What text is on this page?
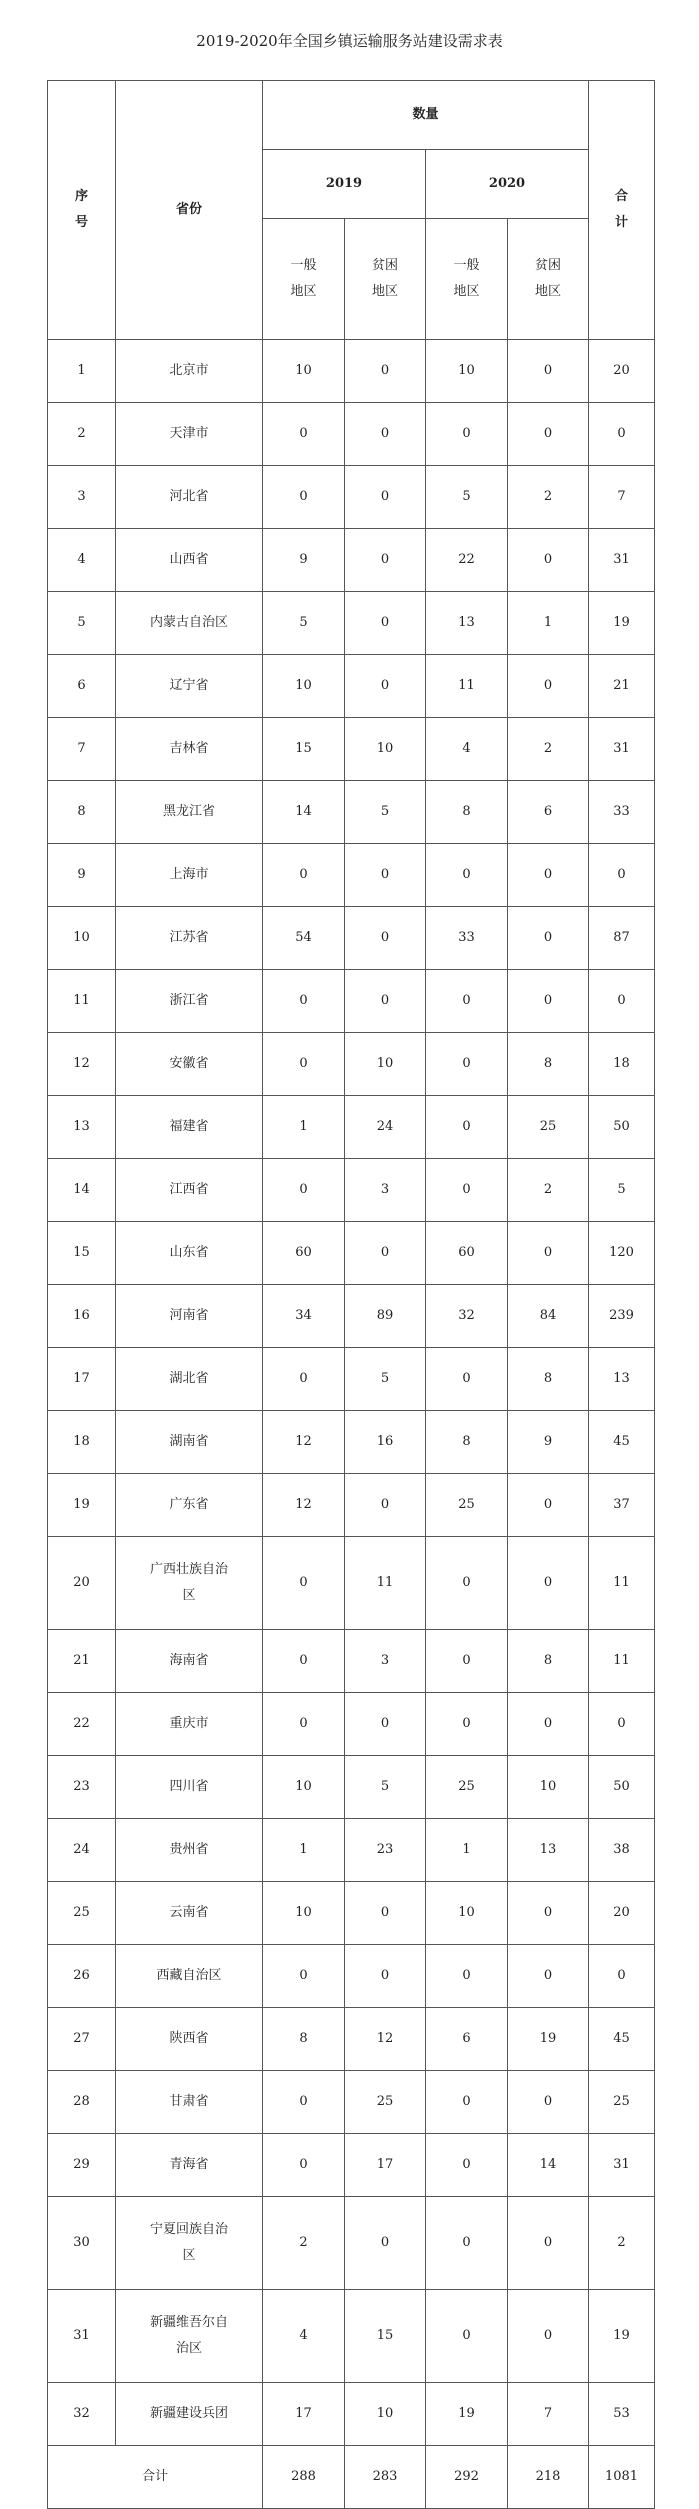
2019-2020年全国乡镇运输服务站建设需求表
序号	省份	数量				合计
		2019		2020		
		一般地区	贫困地区	一般地区	贫困地区	
1	北京市	10	0	10	0	20
2	天津市	0	0	0	0	0
3	河北省	0	0	5	2	7
4	山西省	9	0	22	0	31
5	内蒙古自治区	5	0	13	1	19
6	辽宁省	10	0	11	0	21
7	吉林省	15	10	4	2	31
8	黑龙江省	14	5	8	6	33
9	上海市	0	0	0	0	0
10	江苏省	54	0	33	0	87
11	浙江省	0	0	0	0	0
12	安徽省	0	10	0	8	18
13	福建省	1	24	0	25	50
14	江西省	0	3	0	2	5
15	山东省	60	0	60	0	120
16	河南省	34	89	32	84	239
17	湖北省	0	5	0	8	13
18	湖南省	12	16	8	9	45
19	广东省	12	0	25	0	37
20	广西壮族自治区	0	11	0	0	11
21	海南省	0	3	0	8	11
22	重庆市	0	0	0	0	0
23	四川省	10	5	25	10	50
24	贵州省	1	23	1	13	38
25	云南省	10	0	10	0	20
26	西藏自治区	0	0	0	0	0
27	陕西省	8	12	6	19	45
28	甘肃省	0	25	0	0	25
29	青海省	0	17	0	14	31
30	宁夏回族自治区	2	0	0	0	2
31	新疆维吾尔自治区	4	15	0	0	19
32	新疆建设兵团	17	10	19	7	53
合计		288	283	292	218	1081
